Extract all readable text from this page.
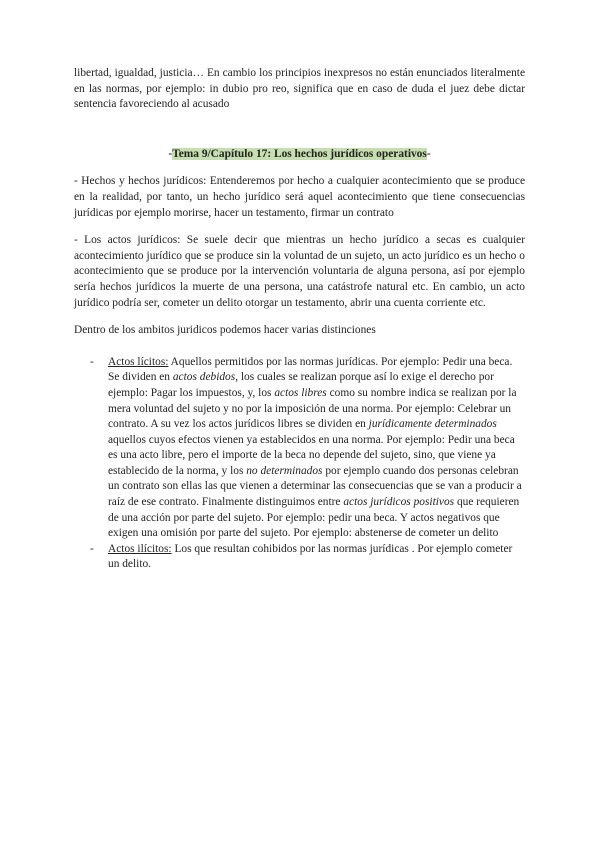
libertad, igualdad, justicia… En cambio los principios inexpresos no están enunciados literalmente en las normas, por ejemplo: in dubio pro reo, significa que en caso de duda el juez debe dictar sentencia favoreciendo al acusado

-Tema 9/Capítulo 17: Los hechos jurídicos operativos-

- Hechos y hechos jurídicos: Entenderemos por hecho a cualquier acontecimiento que se produce en la realidad, por tanto, un hecho jurídico será aquel acontecimiento que tiene consecuencias jurídicas por ejemplo morirse, hacer un testamento, firmar un contrato

- Los actos jurídicos: Se suele decir que mientras un hecho jurídico a secas es cualquier acontecimiento jurídico que se produce sin la voluntad de un sujeto, un acto jurídico es un hecho o acontecimiento que se produce por la intervención voluntaria de alguna persona, así por ejemplo sería hechos jurídicos la muerte de una persona, una catástrofe natural etc. En cambio, un acto jurídico podría ser, cometer un delito otorgar un testamento, abrir una cuenta corriente etc.

Dentro de los ambitos juridicos podemos hacer varias distinciones

- Actos lícitos: Aquellos permitidos por las normas jurídicas. Por ejemplo: Pedir una beca. Se dividen en actos debidos, los cuales se realizan porque así lo exige el derecho por ejemplo: Pagar los impuestos, y, los actos libres como su nombre indica se realizan por la mera voluntad del sujeto y no por la imposición de una norma. Por ejemplo: Celebrar un contrato. A su vez los actos jurídicos libres se dividen en jurídicamente determinados aquellos cuyos efectos vienen ya establecidos en una norma. Por ejemplo: Pedir una beca es una acto libre, pero el importe de la beca no depende del sujeto, sino, que viene ya establecido de la norma, y los no determinados por ejemplo cuando dos personas celebran un contrato son ellas las que vienen a determinar las consecuencias que se van a producir a raíz de ese contrato. Finalmente distinguimos entre actos jurídicos positivos que requieren de una acción por parte del sujeto. Por ejemplo: pedir una beca. Y actos negativos que exigen una omisión por parte del sujeto. Por ejemplo: abstenerse de cometer un delito
- Actos ilícitos: Los que resultan cohibidos por las normas jurídicas . Por ejemplo cometer un delito.
